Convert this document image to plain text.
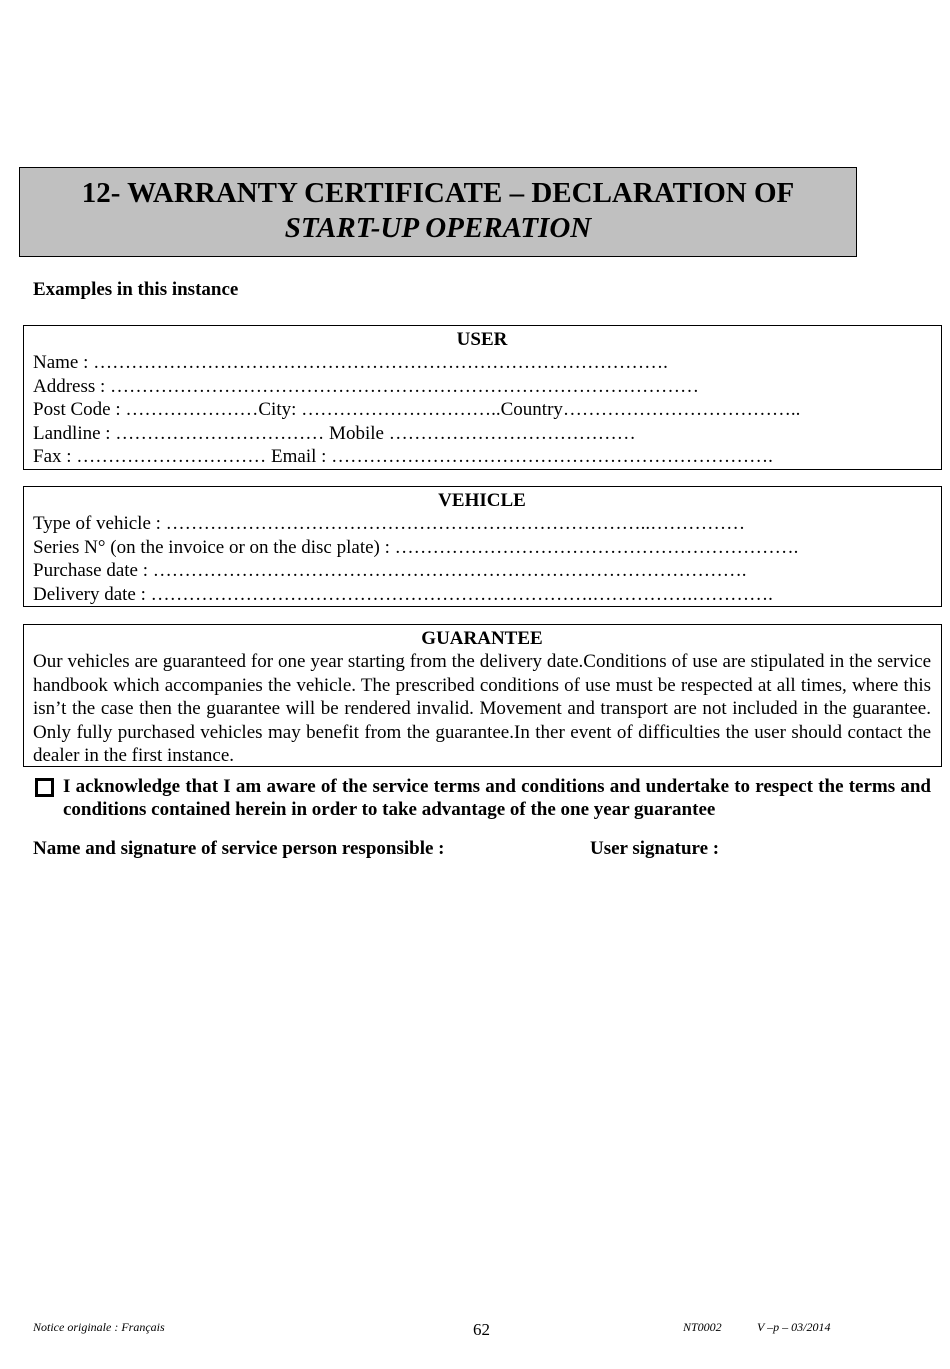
12- WARRANTY CERTIFICATE – DECLARATION OF
START-UP OPERATION
Examples in this instance
USER
Name : ……………………………………………………………………………….
Address : …………………………………………………………………………………
Post Code : …………………City: …………………………..Country………………………………..
Landline : …………………………… Mobile …………………………………
Fax : ………………………… Email : …………………………………………………………….
VEHICLE
Type of vehicle : …………………………………………………………………..……………
Series N° (on the invoice or on the disc plate) : ……………………………………………………….
Purchase date : ………………………………………………………………………………….
Delivery date : …………………………………………………………….…………….………….
GUARANTEE
Our vehicles are guaranteed for one year starting from the delivery date.Conditions of use are stipulated in the service handbook which accompanies the vehicle. The prescribed conditions of use must be respected at all times, where this isn’t the case then the guarantee will be rendered invalid. Movement and transport are not included in the guarantee. Only fully purchased vehicles may benefit from the guarantee.In ther event of difficulties the user should contact the dealer in the first instance.
I acknowledge that I am aware of the service terms and conditions and undertake to respect the terms and conditions contained herein in order to take advantage of the one year guarantee
Name and signature of service person responsible :	User signature :
Notice originale : Français	62	NT0002	V –p – 03/2014
